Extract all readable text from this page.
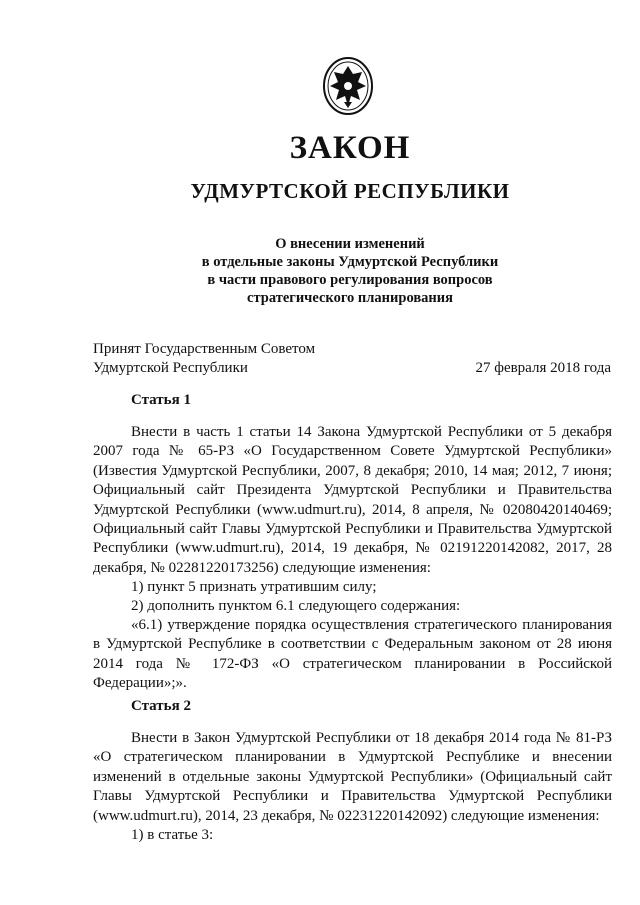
ЗАКОН
УДМУРТСКОЙ РЕСПУБЛИКИ
О внесении изменений
в отдельные законы Удмуртской Республики
в части правового регулирования вопросов
стратегического планирования
Принят Государственным Советом
Удмуртской Республики	27 февраля 2018 года
Статья 1

Внести в часть 1 статьи 14 Закона Удмуртской Республики от 5 декабря 2007 года № 65-РЗ «О Государственном Совете Удмуртской Республики» (Известия Удмуртской Республики, 2007, 8 декабря; 2010, 14 мая; 2012, 7 июня; Официальный сайт Президента Удмуртской Республики и Правительства Удмуртской Республики (www.udmurt.ru), 2014, 8 апреля, № 02080420140469; Официальный сайт Главы Удмуртской Республики и Правительства Удмуртской Республики (www.udmurt.ru), 2014, 19 декабря, № 02191220142082, 2017, 28 декабря, № 02281220173256) следующие изменения:

1) пункт 5 признать утратившим силу;
2) дополнить пунктом 6.1 следующего содержания:

«6.1) утверждение порядка осуществления стратегического планирования в Удмуртской Республике в соответствии с Федеральным законом от 28 июня 2014 года № 172-ФЗ «О стратегическом планировании в Российской Федерации»;».

Статья 2

Внести в Закон Удмуртской Республики от 18 декабря 2014 года № 81-РЗ «О стратегическом планировании в Удмуртской Республике и внесении изменений в отдельные законы Удмуртской Республики» (Официальный сайт Главы Удмуртской Республики и Правительства Удмуртской Республики (www.udmurt.ru), 2014, 23 декабря, № 02231220142092) следующие изменения:

1) в статье 3:
